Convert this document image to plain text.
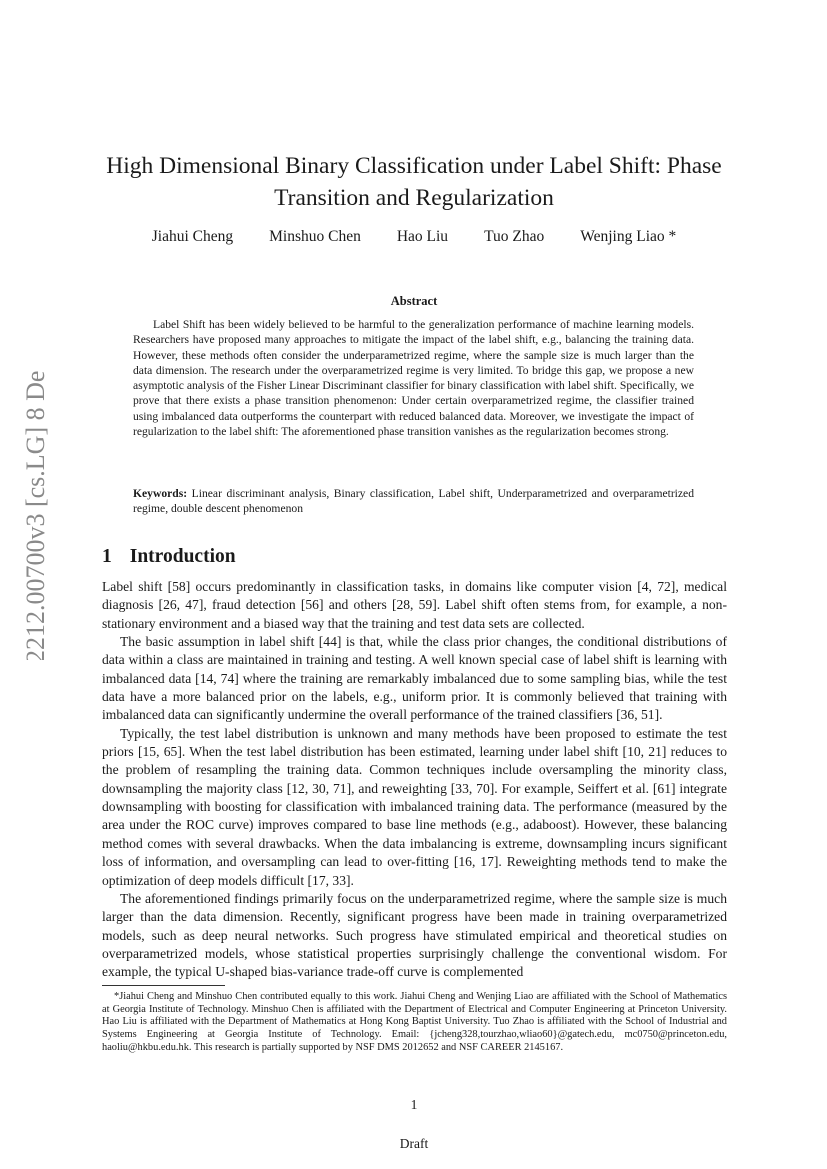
arXiv:2212.00700v3 [cs.LG] 8 Dec 2022
High Dimensional Binary Classification under Label Shift: Phase Transition and Regularization
Jiahui Cheng Minshuo Chen Hao Liu Tuo Zhao Wenjing Liao *
Abstract
Label Shift has been widely believed to be harmful to the generalization performance of machine learning models. Researchers have proposed many approaches to mitigate the impact of the label shift, e.g., balancing the training data. However, these methods often consider the underparametrized regime, where the sample size is much larger than the data dimension. The research under the overparametrized regime is very limited. To bridge this gap, we propose a new asymptotic analysis of the Fisher Linear Discriminant classifier for binary classification with label shift. Specifically, we prove that there exists a phase transition phenomenon: Under certain overparametrized regime, the classifier trained using imbalanced data outperforms the counterpart with reduced balanced data. Moreover, we investigate the impact of regularization to the label shift: The aforementioned phase transition vanishes as the regularization becomes strong.
Keywords: Linear discriminant analysis, Binary classification, Label shift, Underparametrized and overparametrized regime, double descent phenomenon
1 Introduction

Label shift [58] occurs predominantly in classification tasks, in domains like computer vision [4, 72], medical diagnosis [26, 47], fraud detection [56] and others [28, 59]. Label shift often stems from, for example, a non-stationary environment and a biased way that the training and test data sets are collected.

The basic assumption in label shift [44] is that, while the class prior changes, the conditional distributions of data within a class are maintained in training and testing. A well known special case of label shift is learning with imbalanced data [14, 74] where the training are remarkably imbalanced due to some sampling bias, while the test data have a more balanced prior on the labels, e.g., uniform prior. It is commonly believed that training with imbalanced data can significantly undermine the overall performance of the trained classifiers [36, 51].

Typically, the test label distribution is unknown and many methods have been proposed to estimate the test priors [15, 65]. When the test label distribution has been estimated, learning under label shift [10, 21] reduces to the problem of resampling the training data. Common techniques include oversampling the minority class, downsampling the majority class [12, 30, 71], and reweighting [33, 70]. For example, Seiffert et al. [61] integrate downsampling with boosting for classification with imbalanced training data. The performance (measured by the area under the ROC curve) improves compared to base line methods (e.g., adaboost). However, these balancing method comes with several drawbacks. When the data imbalancing is extreme, downsampling incurs significant loss of information, and oversampling can lead to over-fitting [16, 17]. Reweighting methods tend to make the optimization of deep models difficult [17, 33].

The aforementioned findings primarily focus on the underparametrized regime, where the sample size is much larger than the data dimension. Recently, significant progress have been made in training overparametrized models, such as deep neural networks. Such progress have stimulated empirical and theoretical studies on overparametrized models, whose statistical properties surprisingly challenge the conventional wisdom. For example, the typical U-shaped bias-variance trade-off curve is complemented

*Jiahui Cheng and Minshuo Chen contributed equally to this work. Jiahui Cheng and Wenjing Liao are affiliated with the School of Mathematics at Georgia Institute of Technology. Minshuo Chen is affiliated with the Department of Electrical and Computer Engineering at Princeton University. Hao Liu is affiliated with the Department of Mathematics at Hong Kong Baptist University. Tuo Zhao is affiliated with the School of Industrial and Systems Engineering at Georgia Institute of Technology. Email: {jcheng328,tourzhao,wliao60}@gatech.edu, mc0750@princeton.edu, haoliu@hkbu.edu.hk. This research is partially supported by NSF DMS 2012652 and NSF CAREER 2145167.

1
Draft
